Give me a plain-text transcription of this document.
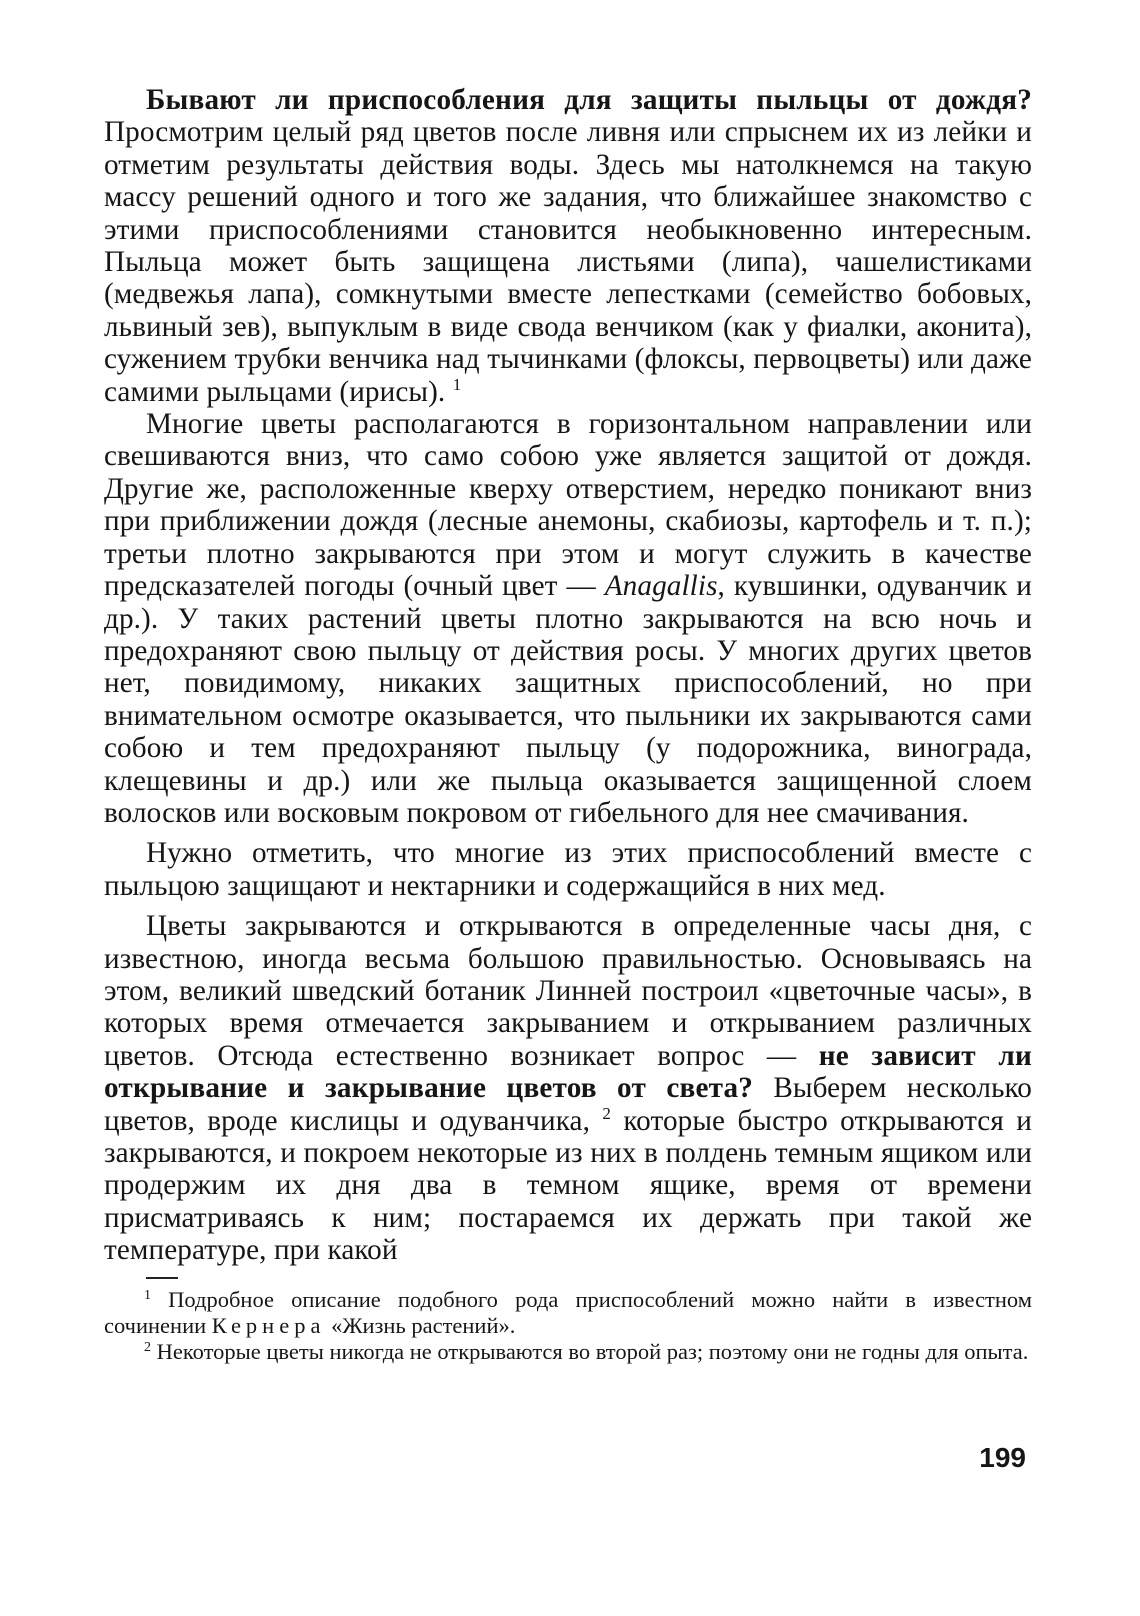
Бывают ли приспособления для защиты пыльцы от дождя? Просмотрим целый ряд цветов после ливня или спрыснем их из лейки и отметим результаты действия воды. Здесь мы натолкнемся на такую массу решений одного и того же задания, что ближайшее знакомство с этими приспособлениями становится необыкновенно интересным. Пыльца может быть защищена листьями (липа), чашелистиками (медвежья лапа), сомкнутыми вместе лепестками (семейство бобовых, львиный зев), выпуклым в виде свода венчиком (как у фиалки, аконита), сужением трубки венчика над тычинками (флоксы, первоцветы) или даже самими рыльцами (ирисы). $^1$

Многие цветы располагаются в горизонтальном направлении или свешиваются вниз, что само собою уже является защитой от дождя. Другие же, расположенные кверху отверстием, нередко поникают вниз при приближении дождя (лесные анемоны, скабиозы, картофель и т. п.); третьи плотно закрываются при этом и могут служить в качестве предсказателей погоды (очный цвет — Anagallis, кувшинки, одуванчик и др.). У таких растений цветы плотно закрываются на всю ночь и предохраняют свою пыльцу от действия росы. У многих других цветов нет, повидимому, никаких защитных приспособлений, но при внимательном осмотре оказывается, что пыльники их закрываются сами собою и тем предохраняют пыльцу (у подорожника, винограда, клещевины и др.) или же пыльца оказывается защищенной слоем волосков или восковым покровом от гибельного для нее смачивания.

Нужно отметить, что многие из этих приспособлений вместе с пыльцою защищают и нектарники и содержащийся в них мед.

Цветы закрываются и открываются в определенные часы дня, с известною, иногда весьма большою правильностью. Основываясь на этом, великий шведский ботаник Линней построил «цветочные часы», в которых время отмечается закрыванием и открыванием различных цветов. Отсюда естественно возникает вопрос — не зависит ли открывание и закрывание цветов от света? Выберем несколько цветов, вроде кислицы и одуванчика, $^2$ которые быстро открываются и закрываются, и покроем некоторые из них в полдень темным ящиком или продержим их дня два в темном ящике, время от времени присматриваясь к ним; постараемся их держать при такой же температуре, при какой

$^1$ Подробное описание подобного рода приспособлений можно найти в известном сочинении Кернера «Жизнь растений».

$^2$ Некоторые цветы никогда не открываются во второй раз; поэтому они не годны для опыта.

199
